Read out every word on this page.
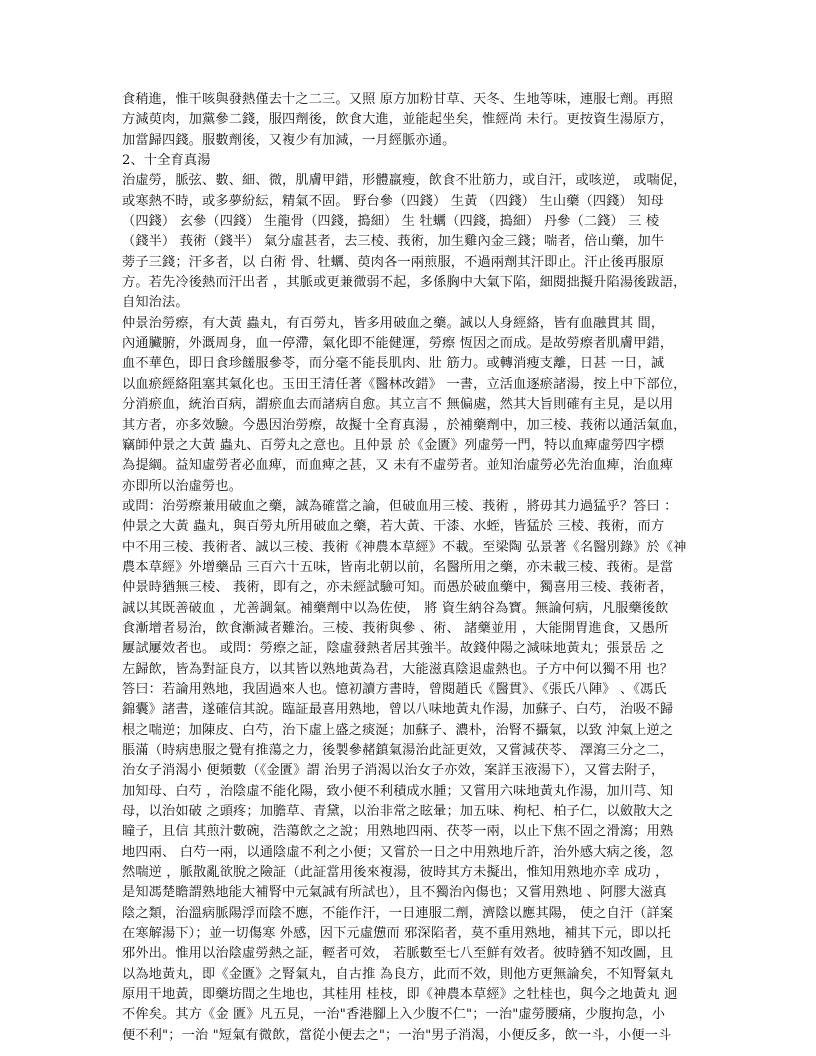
食稍進，惟干咳與發熱僅去十之二三。又照 原方加粉甘草、天冬、生地等味，連服七劑。再照
方減萸肉，加黨參二錢，服四劑後，飲食大進，並能起坐矣，惟經尚 未行。更按資生湯原方，
加當歸四錢。服數劑後，又複少有加減，一月經脈亦通。
2、十全育真湯
治虛勞，脈弦、數、細、微，肌膚甲錯，形體羸瘦，飲食不壯筋力，或自汗，或咳逆， 或喘促，
或寒熱不時，或多夢紛紜，精氣不固。 野台參（四錢） 生黃 （四錢） 生山藥（四錢） 知母
（四錢） 玄參（四錢） 生龍骨（四錢，搗細） 生 牡蠣（四錢，搗細） 丹參（二錢） 三 棱
（錢半） 莪術（錢半） 氣分虛甚者，去三棱、莪術，加生雞內金三錢；喘者，倍山藥，加牛
蒡子三錢；汗多者，以 白術 骨、牡蠣、萸肉各一兩煎服，不過兩劑其汗即止。汗止後再服原
方。若先冷後熱而汗出者 ，其脈或更兼微弱不起，多係胸中大氣下陷，細閱拙擬升陷湯後跋語，
自知治法。
仲景治勞瘵，有大黃 蟲丸，有百勞丸，皆多用破血之藥。誠以人身經絡，皆有血融貫其 間，
內通臟腑，外溉周身，血一停滯，氣化即不能健運，勞瘵 恆因之而成。是故勞瘵者肌膚甲錯，
血不華色，即日食珍饈服參苓，而分毫不能長肌肉、壯 筋力。或轉消瘦支離，日甚 一日，誠
以血瘀經絡阻塞其氣化也。玉田王清任著《醫林改錯》 一書，立活血逐瘀諸湯，按上中下部位，
分消瘀血，統治百病，謂瘀血去而諸病自愈。其立言不 無偏處，然其大旨則確有主見，是以用
其方者，亦多效驗。今愚因治勞瘵，故擬十全育真湯 ，於補藥劑中，加三棱、莪術以通活氣血，
竊師仲景之大黃 蟲丸、百勞丸之意也。且仲景 於《金匱》列虛勞一門，特以血痺虛勞四字標
為提綱。益知虛勞者必血痺，而血痺之甚，又 未有不虛勞者。並知治虛勞必先治血痺，治血痺
亦即所以治虛勞也。
或問：治勞瘵兼用破血之藥，誠為確當之論，但破血用三棱、莪術 ，將毋其力過猛乎？答曰 ：
仲景之大黃 蟲丸，與百勞丸所用破血之藥，若大黃、干漆、水蛭，皆猛於 三棱、莪術，而方
中不用三棱、莪術者、誠以三棱、莪術《神農本草經》不載。至梁陶 弘景著《名醫別錄》於《神
農本草經》外增藥品 三百六十五味，皆南北朝以前，名醫所用之藥，亦未載三棱、莪術。是當
仲景時猶無三棱、 莪術，即有之，亦未經試驗可知。而愚於破血藥中，獨喜用三棱、莪術者，
誠以其既善破血 ，尤善調氣。補藥劑中以為佐使， 將 資生納谷為寶。無論何病，凡服藥後飲
食漸增者易治，飲食漸減者難治。三棱、莪術與參 、術、 諸藥並用 ，大能開胃進食，又愚所
屢試屢效者也。 或問：勞瘵之証，陰虛發熱者居其強半。故錢仲陽之減味地黃丸；張景岳 之
左歸飲，皆為對証良方，以其皆以熟地黃為君，大能滋真陰退虛熱也。子方中何以獨不用 也？
答曰：若論用熟地，我固過來人也。憶初讀方書時，曾閱趙氏《醫貫》、《張氏八陣》 、《馮氏
錦囊》諸書，遂確信其說。臨証最喜用熟地，曾以八味地黃丸作湯，加蘇子、白芍， 治吸不歸
根之喘逆；加陳皮、白芍，治下虛上盛之痰涎；加蘇子、濃朴，治腎不攝氣，以致 沖氣上逆之
脹滿（時病患服之覺有推蕩之力，後製參赭鎮氣湯治此証更效，又嘗減茯苓、 澤瀉三分之二，
治女子消渴小 便頻數（《金匱》謂 治男子消渴以治女子亦效，案詳玉液湯下），又嘗去附子，
加知母、白芍 ，治陰虛不能化陽，致小便不利積成水腫；又嘗用六味地黃丸作湯，加川芎、知
母，以治如破 之頭疼；加膽草、青黛，以治非常之眩暈；加五味、枸杞、柏子仁，以斂散大之
瞳子，且信 其煎汁數碗，浩蕩飲之之說；用熟地四兩、茯苓一兩，以止下焦不固之滑瀉；用熟
地四兩、 白芍一兩，以通陰虛不利之小便；又嘗於一日之中用熟地斤許，治外感大病之後，忽
然喘逆 ，脈散亂欲脫之險証（此証當用後來複湯，彼時其方未擬出，惟知用熟地亦幸 成功 ，
是知馮楚瞻謂熟地能大補腎中元氣誠有所試也），且不獨治內傷也；又嘗用熟地 、阿膠大滋真
陰之類，治溫病脈陽浮而陰不應，不能作汗，一日連服二劑，濟陰以應其陽， 使之自汗（詳案
在寒解湯下）；並一切傷寒 外感，因下元虛憊而 邪深陷者，莫不重用熟地，補其下元，即以托
邪外出。惟用以治陰虛勞熱之証，輕者可效， 若脈數至七八至鮮有效者。彼時猶不知改圖，且
以為地黃丸，即《金匱》之腎氣丸，自古推 為良方，此而不效，則他方更無論矣，不知腎氣丸
原用干地黃，即藥坊間之生地也，其桂用 桂枝，即《神農本草經》之牡桂也，與今之地黃丸 迥
不侔矣。其方《金 匱》凡五見，一治"香港腳上入少腹不仁"；一治"虛勞腰痛，少腹拘急，小
便不利"；一治 "短氣有微飲，當從小便去之"；一治"男子消渴，小便反多，飲一斗，小便一斗
